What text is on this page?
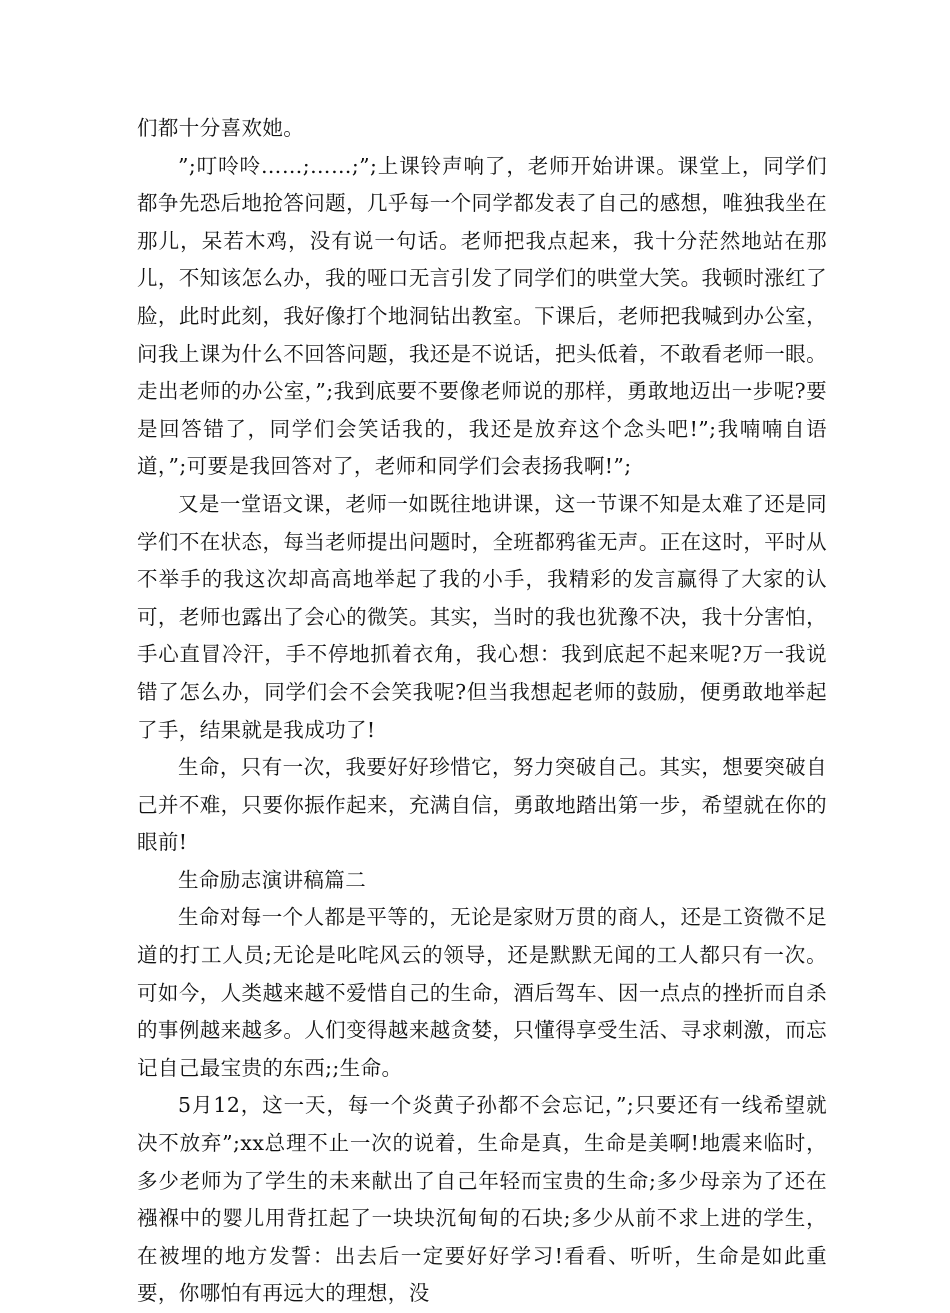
们都十分喜欢她。

”;叮呤呤……;……;”;上课铃声响了，老师开始讲课。课堂上，同学们都争先恐后地抢答问题，几乎每一个同学都发表了自己的感想，唯独我坐在那儿，呆若木鸡，没有说一句话。老师把我点起来，我十分茫然地站在那儿，不知该怎么办，我的哑口无言引发了同学们的哄堂大笑。我顿时涨红了脸，此时此刻，我好像打个地洞钻出教室。下课后，老师把我喊到办公室，问我上课为什么不回答问题，我还是不说话，把头低着，不敢看老师一眼。走出老师的办公室，”;我到底要不要像老师说的那样，勇敢地迈出一步呢?要是回答错了，同学们会笑话我的，我还是放弃这个念头吧!”;我喃喃自语道，”;可要是我回答对了，老师和同学们会表扬我啊!”;

又是一堂语文课，老师一如既往地讲课，这一节课不知是太难了还是同学们不在状态，每当老师提出问题时，全班都鸦雀无声。正在这时，平时从不举手的我这次却高高地举起了我的小手，我精彩的发言赢得了大家的认可，老师也露出了会心的微笑。其实，当时的我也犹豫不决，我十分害怕，手心直冒冷汗，手不停地抓着衣角，我心想：我到底起不起来呢?万一我说错了怎么办，同学们会不会笑我呢?但当我想起老师的鼓励，便勇敢地举起了手，结果就是我成功了!

生命，只有一次，我要好好珍惜它，努力突破自己。其实，想要突破自己并不难，只要你振作起来，充满自信，勇敢地踏出第一步，希望就在你的眼前!

生命励志演讲稿篇二

生命对每一个人都是平等的，无论是家财万贯的商人，还是工资微不足道的打工人员;无论是叱咤风云的领导，还是默默无闻的工人都只有一次。可如今，人类越来越不爱惜自己的生命，酒后驾车、因一点点的挫折而自杀的事例越来越多。人们变得越来越贪婪，只懂得享受生活、寻求刺激，而忘记自己最宝贵的东西;;生命。

5月12，这一天，每一个炎黄子孙都不会忘记，”;只要还有一线希望就决不放弃”;xx总理不止一次的说着，生命是真，生命是美啊!地震来临时，多少老师为了学生的未来献出了自己年轻而宝贵的生命;多少母亲为了还在襁褓中的婴儿用背扛起了一块块沉甸甸的石块;多少从前不求上进的学生，在被埋的地方发誓：出去后一定要好好学习!看看、听听，生命是如此重要，你哪怕有再远大的理想，没
